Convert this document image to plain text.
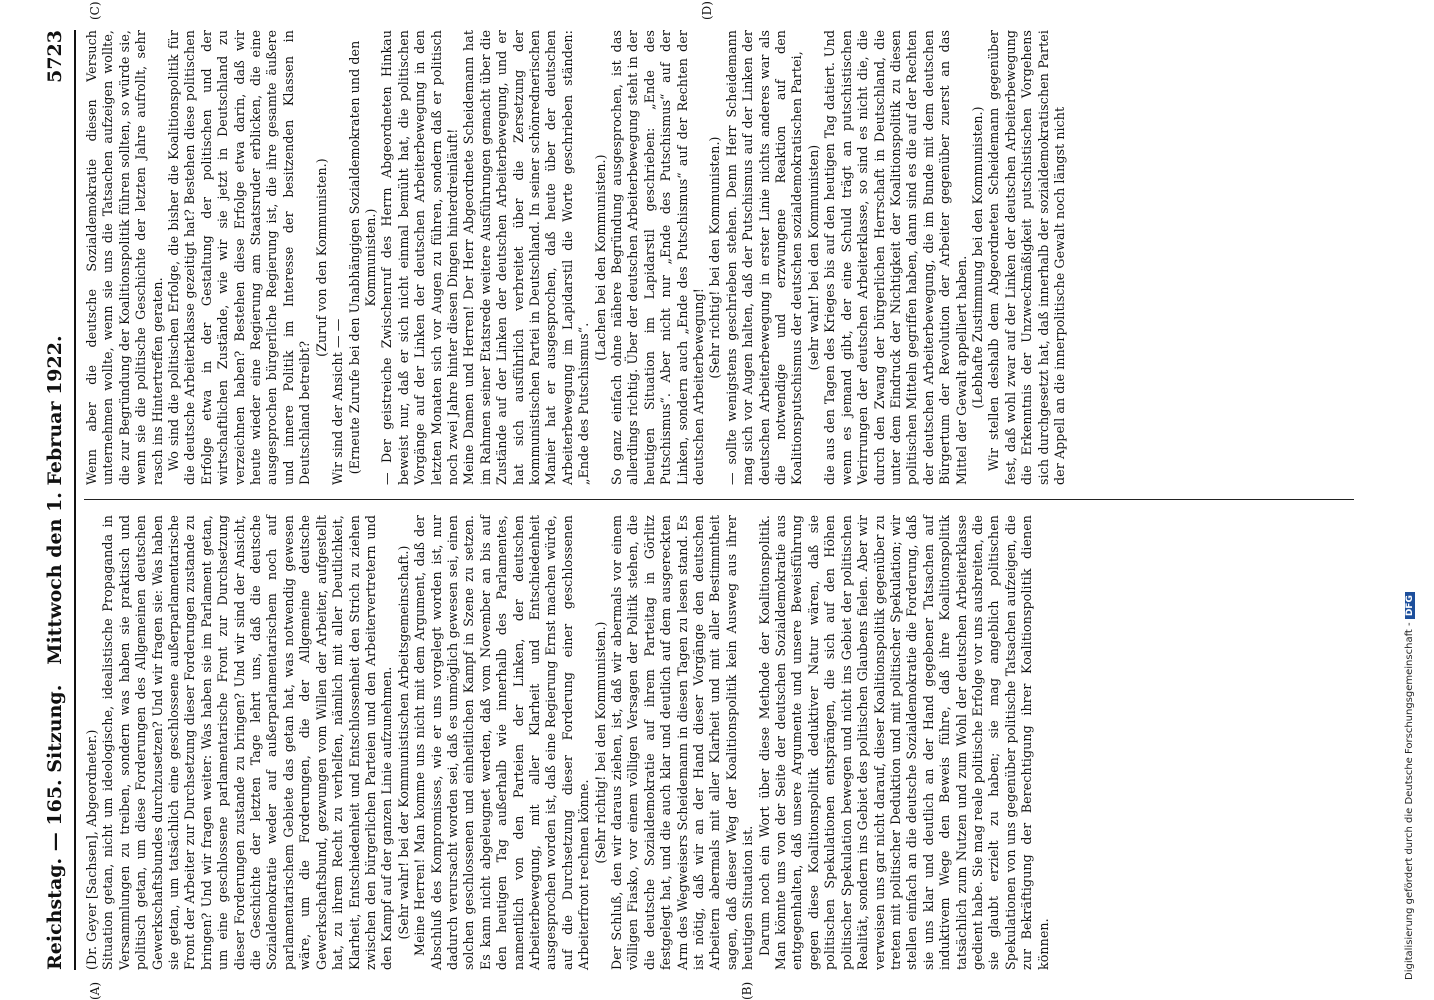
Reichstag. — 165. Sitzung.
Mittwoch den 1. Februar 1922.
5723

(Dr. Geyer [Sachsen], Abgeordneter.) Situation getan, nicht um ideologische, idealistische Propaganda in Versammlungen zu treiben, sondern was haben sie praktisch und politisch getan, um diese Forderungen des Allgemeinen deutschen Gewerkschaftsbundes durchzusetzen? Und wir fragen sie: Was haben sie getan, um tatsächlich eine geschlossene außerparlamentarische Front der Arbeiter zur Durchsetzung dieser Forderungen zustande zu bringen? Und wir fragen weiter: Was haben sie im Parlament getan, um eine geschlossene parlamentarische Front zur Durchsetzung dieser Forderungen zustande zu bringen? Und wir sind der Ansicht, die Geschichte der letzten Tage lehrt uns, daß die deutsche Sozialdemokratie weder auf außerparlamentarischem noch auf parlamentarischem Gebiete das getan hat, was notwendig gewesen wäre, um die Forderungen, die der Allgemeine deutsche Gewerkschaftsbund, gezwungen vom Willen der Arbeiter, aufgestellt hat, zu ihrem Recht zu verhelfen, nämlich mit aller Deutlichkeit, Klarheit, Entschiedenheit und Entschlossenheit den Strich zu ziehen zwischen den bürgerlichen Parteien und den Arbeitervertretern und den Kampf auf der ganzen Linie aufzunehmen. (Sehr wahr! bei der Kommunistischen Arbeitsgemeinschaft.) Meine Herren! Man komme uns nicht mit dem Argument, daß der Abschluß des Kompromisses, wie er uns vorgelegt worden ist, nur dadurch verursacht worden sei, daß es unmöglich gewesen sei, einen solchen geschlossenen und einheitlichen Kampf in Szene zu setzen. Es kann nicht abgeleugnet werden, daß vom November an bis auf den heutigen Tag außerhalb wie innerhalb des Parlamentes, namentlich von den Parteien der Linken, der deutschen Arbeiterbewegung, mit aller Klarheit und Entschiedenheit ausgesprochen worden ist, daß eine Regierung Ernst machen würde, auf die Durchsetzung dieser Forderung einer geschlossenen Arbeiterfront rechnen könne.

(Sehr richtig! bei den Kommunisten.) Der Schluß, den wir daraus ziehen, ist, daß wir abermals vor einem völligen Fiasko, vor einem völligen Versagen der Politik stehen, die die deutsche Sozialdemokratie auf ihrem Parteitag in Görlitz festgelegt hat, und die auch klar und deutlich auf dem ausgereckten Arm des Wegweisers Scheidemann in diesen Tagen zu lesen stand. Es ist nötig, daß wir an der Hand dieser Vorgänge den deutschen Arbeitern abermals mit aller Klarheit und mit aller Bestimmtheit sagen, daß dieser Weg der Koalitionspolitik kein Ausweg aus ihrer heutigen Situation ist. Darum noch ein Wort über diese Methode der Koalitionspolitik. Man könnte uns von der Seite der deutschen Sozialdemokratie aus entgegenhalten, daß unsere Argumente und unsere Beweisführung gegen diese Koalitionspolitik deduktiver Natur wären, daß sie politischen Spekulationen entsprängen, die sich auf den Höhen politischer Spekulation bewegen und nicht ins Gebiet der politischen Realität, sondern ins Gebiet des politischen Glaubens fielen. Aber wir verweisen uns gar nicht darauf, dieser Koalitionspolitik gegenüber zu treten mit politischer Deduktion und mit politischer Spekulation; wir stellen einfach an die deutsche Sozialdemokratie die Forderung, daß sie uns klar und deutlich an der Hand gegebener Tatsachen auf induktivem Wege den Beweis führe, daß ihre Koalitionspolitik tatsächlich zum Nutzen und zum Wohl der deutschen Arbeiterklasse gedient habe. Sie mag reale politische Erfolge vor uns ausbreiten, die sie glaubt erzielt zu haben; sie mag angeblich politischen Spekulationen von uns gegenüber politische Tatsachen aufzeigen, die zur Bekräftigung der Berechtigung ihrer Koalitionspolitik dienen können.

Wenn aber die deutsche Sozialdemokratie diesen Versuch unternehmen wollte, wenn sie uns die Tatsachen aufzeigen wollte, die zur Begründung der Koalitionspolitik führen sollten, so würde sie, wenn sie die politische Geschichte der letzten Jahre aufrollt, sehr rasch ins Hintertreffen geraten. Wo sind die politischen Erfolge, die bisher die Koalitionspolitik für die deutsche Arbeiterklasse gezeitigt hat? Bestehen diese politischen Erfolge etwa in der Gestaltung der politischen und der wirtschaftlichen Zustände, wie wir sie jetzt in Deutschland zu verzeichnen haben? Bestehen diese Erfolge etwa darin, daß wir heute wieder eine Regierung am Staatsruder erblicken, die eine ausgesprochen bürgerliche Regierung ist, die ihre gesamte äußere und innere Politik im Interesse der besitzenden Klassen in Deutschland betreibt?

(Zuruf von den Kommunisten.)

Wir sind der Ansicht — — (Erneute Zurufe bei den Unabhängigen Sozialdemokraten und den Kommunisten.) — Der geistreiche Zwischenruf des Herrn Abgeordneten Hinkau beweist nur, daß er sich nicht einmal bemüht hat, die politischen Vorgänge auf der Linken der deutschen Arbeiterbewegung in den letzten Monaten sich vor Augen zu führen, sondern daß er politisch noch zwei Jahre hinter diesen Dingen hinterdreinläuft! Meine Damen und Herren! Der Herr Abgeordnete Scheidemann hat im Rahmen seiner Etatsrede weitere Ausführungen gemacht über die Zustände auf der Linken der deutschen Arbeiterbewegung, und er hat sich ausführlich verbreitet über die Zersetzung der kommunistischen Partei in Deutschland. In seiner schönrednerischen Manier hat er ausgesprochen, daß heute über der deutschen Arbeiterbewegung im Lapidarstil die Worte geschrieben ständen: „Ende des Putschismus“.

(Lachen bei den Kommunisten.) So ganz einfach ohne nähere Begründung ausgesprochen, ist das allerdings richtig. Über der deutschen Arbeiterbewegung steht in der heutigen Situation im Lapidarstil geschrieben: „Ende des Putschismus“. Aber nicht nur „Ende des Putschismus“ auf der Linken, sondern auch „Ende des Putschismus“ auf der Rechten der deutschen Arbeiterbewegung!

(Sehr richtig! bei den Kommunisten.) — sollte wenigstens geschrieben stehen. Denn Herr Scheidemann mag sich vor Augen halten, daß der Putschismus auf der Linken der deutschen Arbeiterbewegung in erster Linie nichts anderes war als die notwendige und erzwungene Reaktion auf den Koalitionsputschismus der deutschen sozialdemokratischen Partei, (sehr wahr! bei den Kommunisten) die aus den Tagen des Krieges bis auf den heutigen Tag datiert. Und wenn es jemand gibt, der eine Schuld trägt an putschistischen Verirrungen der deutschen Arbeiterklasse, so sind es nicht die, die durch den Zwang der bürgerlichen Herrschaft in Deutschland, die unter dem Eindruck der Nichtigkeit der Koalitionspolitik zu diesen politischen Mitteln gegriffen haben, dann sind es die auf der Rechten der deutschen Arbeiterbewegung, die im Bunde mit dem deutschen Bürgertum der Revolution der Arbeiter gegenüber zuerst an das Mittel der Gewalt appelliert haben. (Lebhafte Zustimmung bei den Kommunisten.) Wir stellen deshalb dem Abgeordneten Scheidemann gegenüber fest, daß wohl zwar auf der Linken der deutschen Arbeiterbewegung die Erkenntnis der Unzweckmäßigkeit putschistischen Vorgehens sich durchgesetzt hat, daß innerhalb der sozialdemokratischen Partei der Appell an die innerpolitische Gewalt noch längst nicht

(A)	(B)
(C)	(D)
Digitalisierung gefördert durch die Deutsche Forschungsgemeinschaft - DFG
